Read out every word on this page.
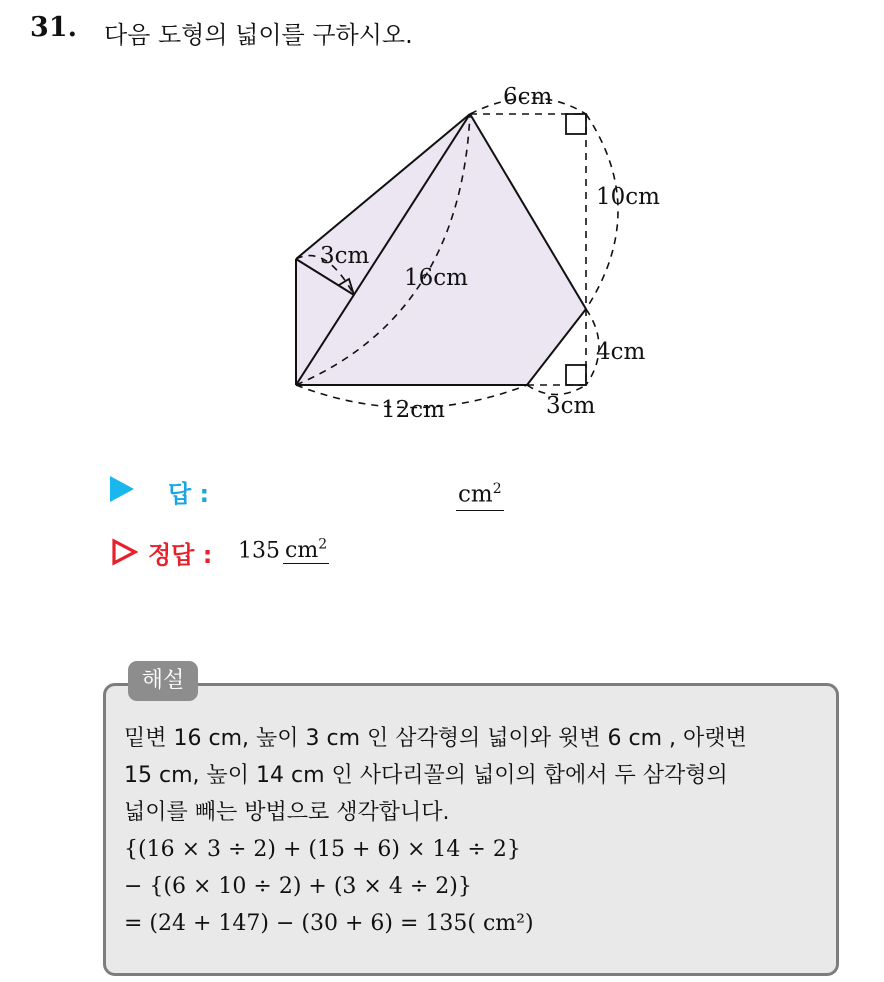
31. 다음 도형의 넓이를 구하시오.
6cm
10cm
3cm
16cm
4cm
12cm	3cm
답 :	$cm^2$
정답 : 135 $cm^2$
해설
밑변 16 cm, 높이 3 cm 인 삼각형의 넓이와 윗변 6 cm , 아랫변
15 cm, 높이 14 cm 인 사다리꼴의 넓이의 합에서 두 삼각형의
넓이를 빼는 방법으로 생각합니다.
{(16 × 3 ÷ 2) + (15 + 6) × 14 ÷ 2}
− {(6 × 10 ÷ 2) + (3 × 4 ÷ 2)}
= (24 + 147) − (30 + 6) = 135( cm²)
